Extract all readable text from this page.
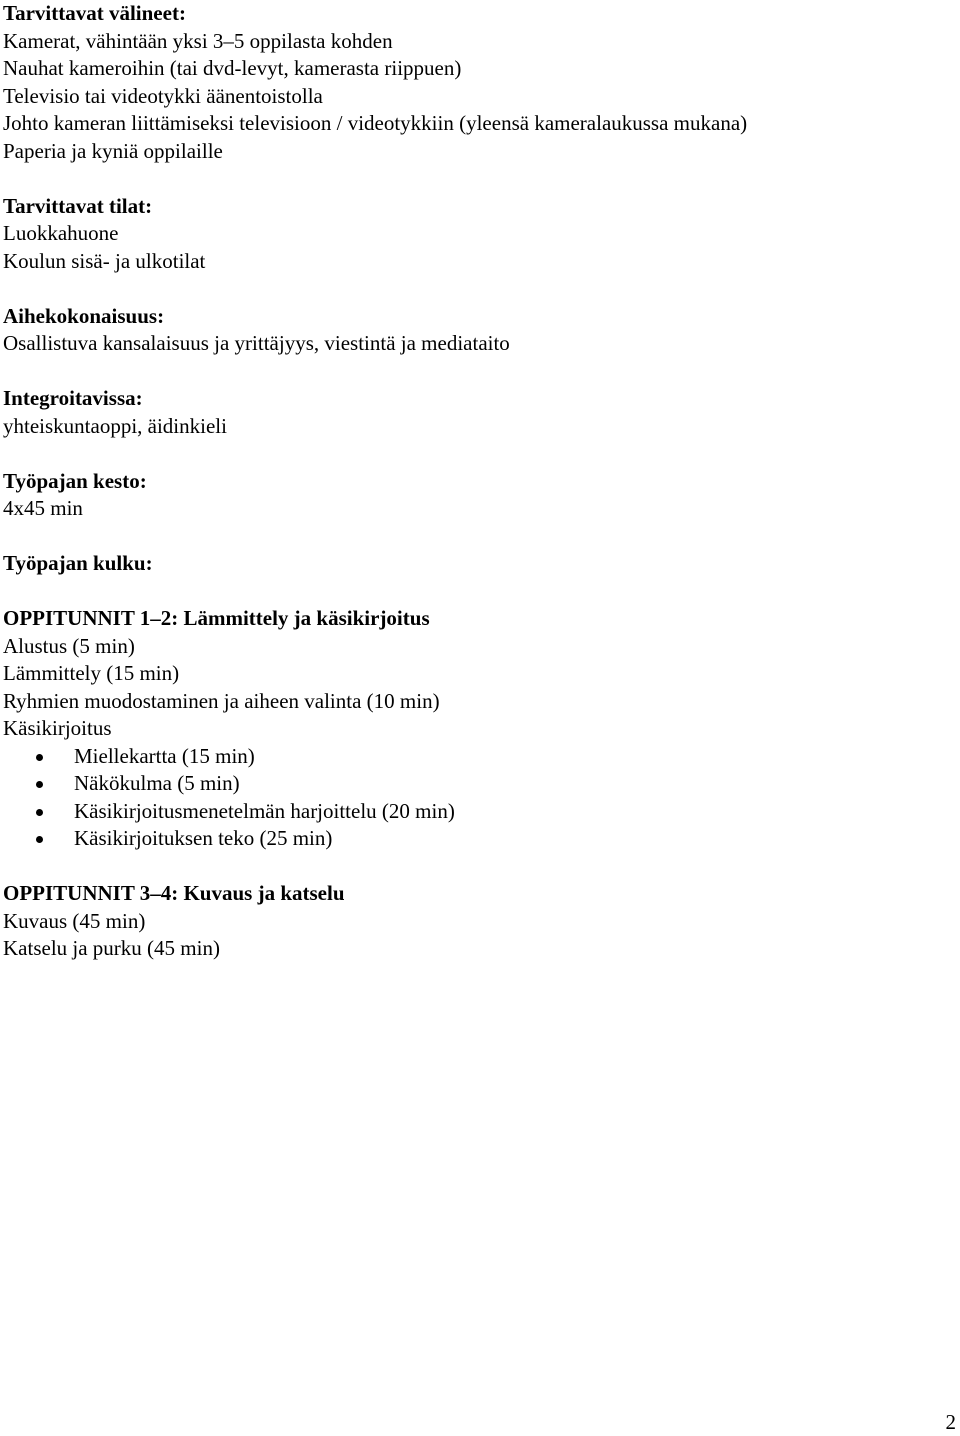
Tarvittavat välineet:

Kamerat, vähintään yksi 3–5 oppilasta kohden

Nauhat kameroihin (tai dvd-levyt, kamerasta riippuen)

Televisio tai videotykki äänentoistolla

Johto kameran liittämiseksi televisioon / videotykkiin (yleensä kameralaukussa mukana)

Paperia ja kyniä oppilaille

Tarvittavat tilat:

Luokkahuone

Koulun sisä- ja ulkotilat

Aihekokonaisuus:

Osallistuva kansalaisuus ja yrittäjyys, viestintä ja mediataito

Integroitavissa:

yhteiskuntaoppi, äidinkieli

Työpajan kesto:

4x45 min

Työpajan kulku:

OPPITUNNIT 1–2: Lämmittely ja käsikirjoitus

Alustus (5 min)

Lämmittely (15 min)

Ryhmien muodostaminen ja aiheen valinta (10 min)

Käsikirjoitus

Miellekartta (15 min)
Näkökulma (5 min)
Käsikirjoitusmenetelmän harjoittelu (20 min)
Käsikirjoituksen teko (25 min)

OPPITUNNIT 3–4: Kuvaus ja katselu

Kuvaus (45 min)

Katselu ja purku (45 min)

2
